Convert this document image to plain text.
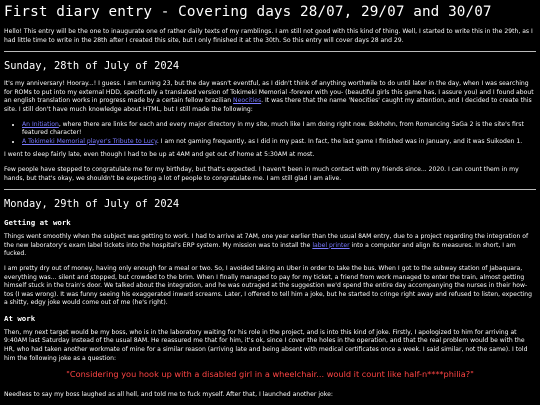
First diary entry - Covering days 28/07, 29/07 and 30/07

Hello! This entry will be the one to inaugurate one of rather daily texts of my ramblings. I am still not good with this kind of thing. Well, I started to write this in the 29th, as I had little time to write in the 28th after I created this site, but I only finished it at the 30th. So this entry will cover days 28 and 29.

Sunday, 28th of July of 2024

It's my anniversary! Hooray...! I guess. I am turning 23, but the day wasn't eventful, as I didn't think of anything worthwile to do until later in the day, when I was searching for ROMs to put into my external HDD, specifically a translated version of Tokimeki Memorial -forever with you- (beautiful girls this game has, I assure you) and I found about an english translation works in progress made by a certain fellow brazilian Neocities. It was there that the name 'Neocities' caught my attention, and I decided to create this site. I still don't have much knowledge about HTML, but I still made the following:

• An Initiation, where there are links for each and every major directory in my site, much like I am doing right now. Bokhohn, from Romancing SaGa 2 is the site's first featured character!
• A Tokimeki Memorial player's Tribute to Lucy. I am not gaming frequently, as I did in my past. In fact, the last game I finished was in January, and it was Suikoden 1.

I went to sleep fairly late, even though I had to be up at 4AM and get out of home at 5:30AM at most.

Few people have stepped to congratulate me for my birthday, but that's expected. I haven't been in much contact with my friends since... 2020. I can count them in my hands, but that's okay, we shouldn't be expecting a lot of people to congratulate me. I am still glad I am alive.

Monday, 29th of July of 2024
Getting at work

Things went smoothly when the subject was getting to work. I had to arrive at 7AM, one year earlier than the usual 8AM entry, due to a project regarding the integration of the new laboratory's exam label tickets into the hospital's ERP system. My mission was to install the label printer into a computer and align its measures. In short, I am fucked.

I am pretty dry out of money, having only enough for a meal or two. So, I avoided taking an Uber in order to take the bus. When I got to the subway station of Jabaquara, everything was... silent and stopped, but crowded to the brim. When I finally managed to pay for my ticket, a friend from work managed to enter the train, almost getting himself stuck in the train's door. We talked about the integration, and he was outraged at the suggestion we'd spend the entire day accompanying the nurses in their how-tos (I was wrong). It was funny seeing his exaggerated inward screams. Later, I offered to tell him a joke, but he started to cringe right away and refused to listen, expecting a shitty, edgy joke would come out of me (he's right).

At work

Then, my next target would be my boss, who is in the laboratory waiting for his role in the project, and is into this kind of joke. Firstly, I apologized to him for arriving at 9:40AM last Saturday instead of the usual 8AM. He reassured me that for him, it's ok, since I cover the holes in the operation, and that the real problem would be with the HR, who had taken another workmate of mine for a similar reason (arriving late and being absent with medical certificates once a week. I said similar, not the same). I told him the following joke as a question:

"Considering you hook up with a disabled girl in a wheelchair... would it count like half-n****philia?"

Needless to say my boss laughed as all hell, and told me to fuck myself. After that, I launched another joke:
